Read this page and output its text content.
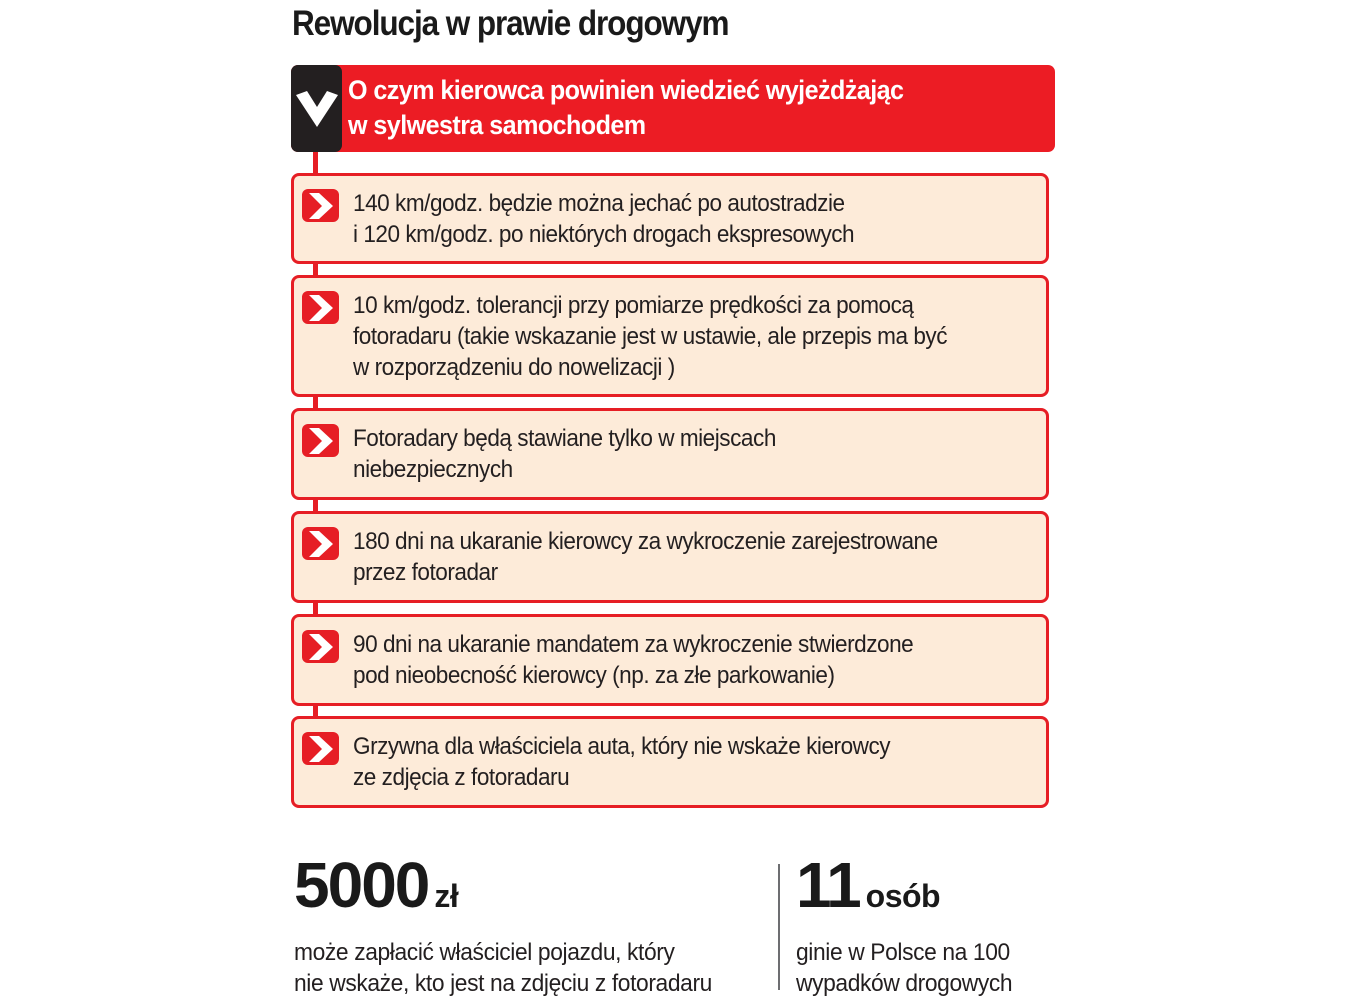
Rewolucja w prawie drogowym
O czym kierowca powinien wiedzieć wyjeżdżając
w sylwestra samochodem
140 km/godz. będzie można jechać po autostradzie
i 120 km/godz. po niektórych drogach ekspresowych
10 km/godz. tolerancji przy pomiarze prędkości za pomocą
fotoradaru (takie wskazanie jest w ustawie, ale przepis ma być
w rozporządzeniu do nowelizacji )
Fotoradary będą stawiane tylko w miejscach
niebezpiecznych
180 dni na ukaranie kierowcy za wykroczenie zarejestrowane
przez fotoradar
90 dni na ukaranie mandatem za wykroczenie stwierdzone
pod nieobecność kierowcy (np. za złe parkowanie)
Grzywna dla właściciela auta, który nie wskaże kierowcy
ze zdjęcia z fotoradaru
5000 zł
może zapłacić właściciel pojazdu, który
nie wskaże, kto jest na zdjęciu z fotoradaru
11 osób
ginie w Polsce na 100
wypadków drogowych
